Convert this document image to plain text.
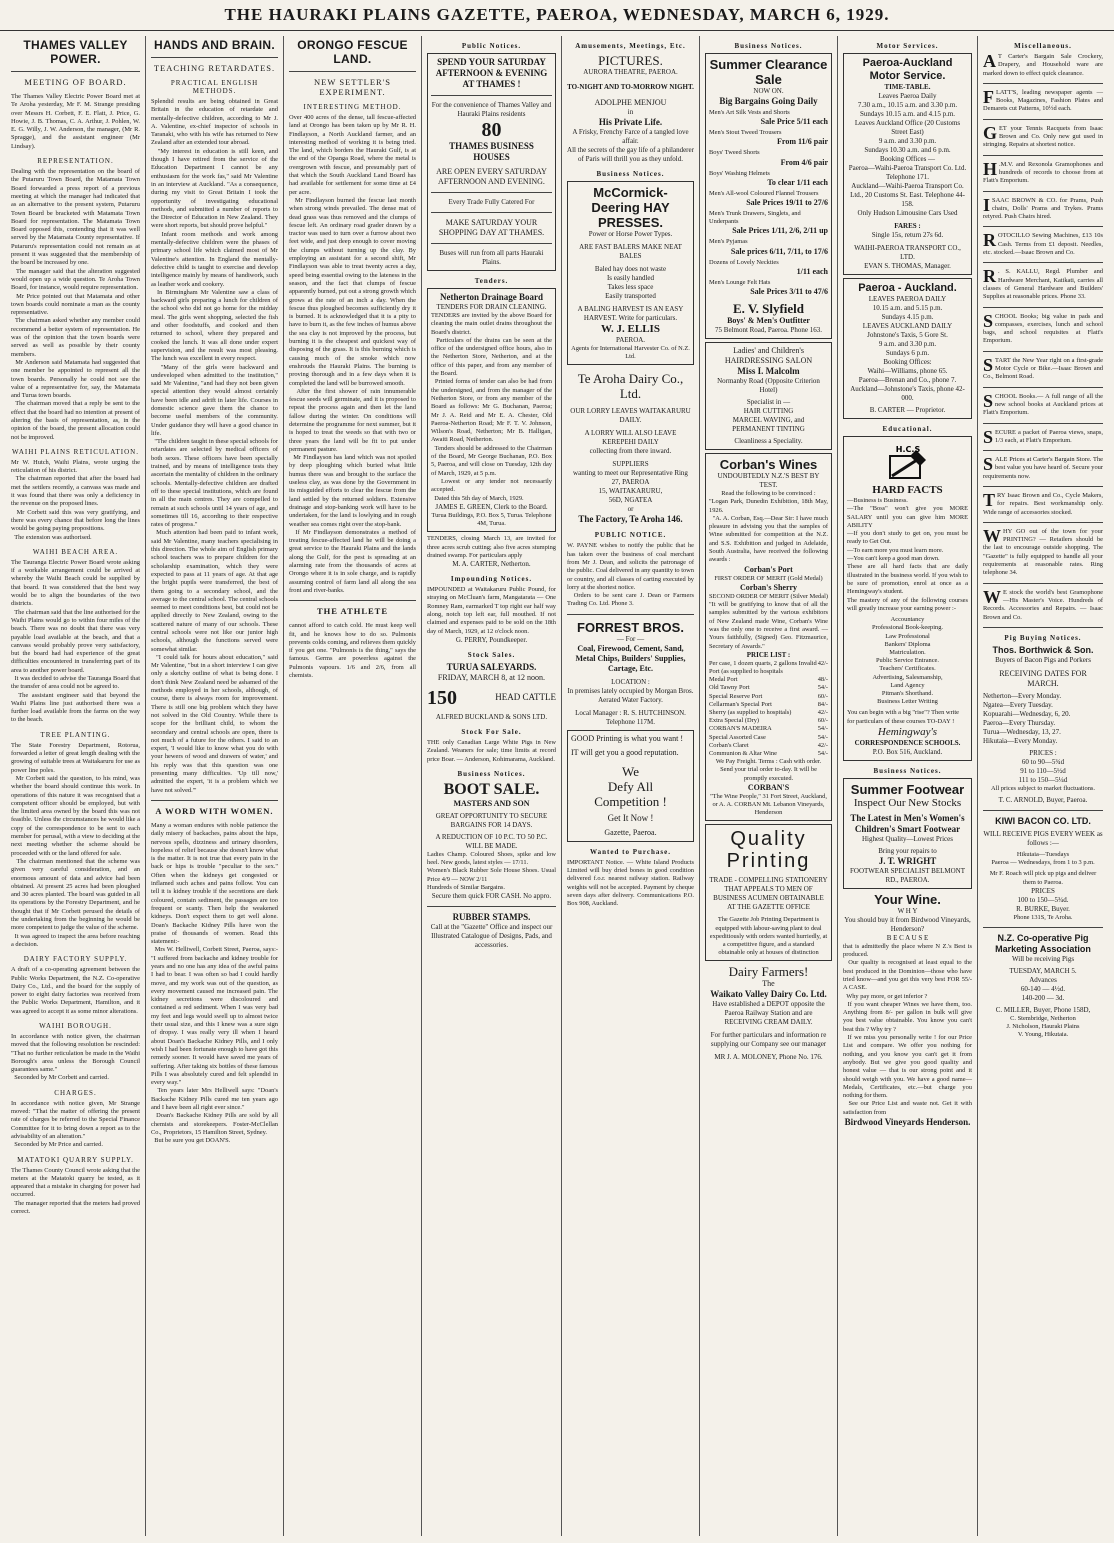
THE HAURAKI PLAINS GAZETTE, PAEROA, WEDNESDAY, MARCH 6, 1929.
THAMES VALLEY POWER.
MEETING OF BOARD.
The Thames Valley Electric Power Board met at Te Aroha yesterday, Mr F. M. Strange presiding over Messrs H. Corbett, F. E. Flatt, J. Price, G. Howie, J. B. Thomas, C. A. Arthur, J. Pohlen, W. E. G. Willy, J. W. Anderson, the manager, (Mr R. Spragge), and the assistant engineer (Mr Lindsay).
REPRESENTATION.
Dealing with the representation on the board of the Putaruru Town Board, the Matamata Town Board forwarded a press report of a previous meeting at which the manager had indicated that as an alternative to the present system, Putaruru Town Board be bracketed with Matamata Town Board for representation. The Matamata Town Board opposed this, contending that it was well served by the Matamata County representative. If Putaruru's representation could not remain as at present it was suggested that the membership of the board be increased by one.
The manager said that the alteration suggested would open up a wide question. Te Aroha Town Board, for instance, would require representation.
Mr Price pointed out that Matamata and other town boards could nominate a man as the county representative.
The chairman asked whether any member could recommend a better system of representation. He was of the opinion that the town boards were served as well as possible by their county members.
Mr Anderson said Matamata had suggested that one member be appointed to represent all the town boards. Personally he could not see the value of a representative for, say, the Matamata and Turua town boards.
The chairman moved that a reply be sent to the effect that the board had no intention at present of altering the basis of representation, as, in the opinion of the board, the present allocation could not be improved.
WAIHI PLAINS RETICULATION.
Mr W. Hutch, Waihi Plains, wrote urging the reticulation of his district.
The chairman reported that after the board had met the settlers recently, a canvass was made and it was found that there was only a deficiency in the revenue on the proposed lines.
Mr Corbett said this was very gratifying, and there was every chance that before long the lines would be going paying propositions.
The extension was authorised.
WAIHI BEACH AREA.
The Tauranga Electric Power Board wrote asking if a workable arrangement could be arrived at whereby the Waihi Beach could be supplied by that board. It was considered that the best way would be to align the boundaries of the two districts.
The chairman said that the line authorised for the Waihi Plains would go to within four miles of the beach. There was no doubt that there was very payable load available at the beach, and that a canvass would probably prove very satisfactory, but the board had had experience of the great difficulties encountered in transferring part of its area to another power board.
It was decided to advise the Tauranga Board that the transfer of area could not be agreed to.
The assistant engineer said that beyond the Waihi Plains line just authorised there was a further load available from the farms on the way to the beach.
TREE PLANTING.
The State Forestry Department, Rotorua, forwarded a letter of great length dealing with the growing of suitable trees at Waitakaruru for use as power line poles.
Mr Corbett said the question, to his mind, was whether the board should continue this work. In operations of this nature it was recognised that a competent officer should be employed, but with the limited area owned by the board this was not feasible. Unless the circumstances he would like a copy of the correspondence to be sent to each member for perusal, with a view to deciding at the next meeting whether the scheme should be proceeded with or the land offered for sale.
The chairman mentioned that the scheme was given very careful consideration, and an enormous amount of data and advice had been obtained. At present 25 acres had been ploughed and 30 acres planted. The board was guided in all its operations by the Forestry Department, and he thought that if Mr Corbett perused the details of the undertaking from the beginning he would be more competent to judge the value of the scheme.
It was agreed to inspect the area before reaching a decision.
DAIRY FACTORY SUPPLY.
A draft of a co-operating agreement between the Public Works Department, the N.Z. Co-operative Dairy Co., Ltd., and the board for the supply of power to eight dairy factories was received from the Public Works Department, Hamilton, and it was agreed to accept it as some minor alterations.
WAIHI BOROUGH.
In accordance with notice given, the chairman moved that the following resolution be rescinded: "That no further reticulation be made in the Waihi Borough's area unless the Borough Council guarantees same."
Seconded by Mr Corbett and carried.
CHARGES.
In accordance with notice given, Mr Strange moved: "That the matter of offering the present rate of charges be referred to the Special Finance Committee for it to bring down a report as to the advisability of an alteration."
Seconded by Mr Price and carried.
MATATOKI QUARRY SUPPLY.
The Thames County Council wrote asking that the meters at the Matatoki quarry be tested, as it appeared that a mistake in charging for power had occurred.
The manager reported that the meters had proved correct.
HANDS AND BRAIN.
TEACHING RETARDATES.
PRACTICAL ENGLISH METHODS.
Splendid results are being obtained in Great Britain in the education of retardate and mentally-defective children, according to Mr J. A. Valentine, ex-chief inspector of schools in Taranaki, who with his wife has returned to New Zealand after an extended tour abroad.
"My interest in education is still keen, and though I have retired from the service of the Education Department I cannot be any enthusiasm for the work fas," said Mr Valentine in an interview at Auckland. "As a consequence, during my visit to Great Britain I took the opportunity of investigating educational methods, and submitted a number of reports to the Director of Education in New Zealand. They were short reports, but should prove helpful."
Infant room methods and work among mentally-defective children were the phases of primary school life which claimed most of Mr Valentine's attention. In England the mentally-defective child is taught to exercise and develop intelligence mainly by means of handiwork, such as leather work and cookery.
In Birmingham Mr Valentine saw a class of backward girls preparing a lunch for children of the school who did not go home for the midday meal. The girls went shopping, selected the fish and other foodstuffs, and cooked and then returned to school, where they prepared and cooked the lunch. It was all done under expert supervision, and the result was most pleasing. The lunch was excellent in every respect.
"Many of the girls were backward and undeveloped when admitted to the institution," said Mr Valentine, "and had they not been given special attention they would almost certainly have been idle and adrift in later life. Courses in domestic science gave them the chance to become useful members of the community. Under guidance they will have a good chance in life.
"The children taught in these special schools for retardates are selected by medical officers of both sexes. These officers have been specially trained, and by means of intelligence tests they ascertain the mentality of children in the ordinary schools. Mentally-defective children are drafted off to these special institutions, which are found in all the main centres. They are compelled to remain at such schools until 14 years of age, and sometimes till 16, according to their respective rates of progress."
Much attention had been paid to infant work, said Mr Valentine, many teachers specialising in this direction. The whole aim of English primary school teachers was to prepare children for the scholarship examination, which they were expected to pass at 11 years of age. At that age the bright pupils were transferred, the best of them going to a secondary school, and the average to the central school. The central schools seemed to meet conditions best, but could not be applied directly to New Zealand, owing to the scattered nature of many of our schools. These central schools were not like our junior high schools, although the functions served were somewhat similar.
"I could talk for hours about education," said Mr Valentine, "but in a short interview I can give only a sketchy outline of what is being done. I don't think New Zealand need be ashamed of the methods employed in her schools, although, of course, there is always room for improvement. There is still one big problem which they have not solved in the Old Country. While there is scope for the brilliant child, to whom the secondary and central schools are open, there is not much of a future for the others. I said to an expert, 'I would like to know what you do with your hewers of wood and drawers of water,' and his reply was that this question was one presenting many difficulties. 'Up till now,' admitted the expert, 'it is a problem which we have not solved.'"
A WORD WITH WOMEN.
Many a woman endures with noble patience the daily misery of backaches, pains about the hips, nervous spells, dizziness and urinary disorders, hopeless of relief because she doesn't know what is the matter. It is not true that every pain in the back or hips is trouble "peculiar to the sex." Often when the kidneys get congested or inflamed such aches and pains follow. You can tell it is kidney trouble if the secretions are dark coloured, contain sediment, the passages are too frequent or scanty. Then help the weakened kidneys. Don't expect them to get well alone. Doan's Backache Kidney Pills have won the praise of thousands of women. Read this statement:-
Mrs W. Helliwell, Corbett Street, Paeroa, says:- "I suffered from backache and kidney trouble for years and no one has any idea of the awful pains I had to bear. I was often so bad I could hardly move, and my work was out of the question, as every movement caused me increased pain. The kidney secretions were discoloured and contained a red sediment. When I was very bad my feet and legs would swell up to almost twice their usual size, and this I knew was a sure sign of dropsy. I was really very ill when I heard about Doan's Backache Kidney Pills, and I only wish I had been fortunate enough to have got this remedy sooner. It would have saved me years of suffering. After taking six bottles of these famous Pills I was absolutely cured and felt splendid in every way."
Ten years later Mrs Helliwell says: "Doan's Backache Kidney Pills cured me ten years ago and I have been all right ever since."
Doan's Backache Kidney Pills are sold by all chemists and storekeepers. Foster-McClellan Co., Proprietors, 15 Hamilton Street, Sydney.
But be sure you get DOAN'S.
ORONGO FESCUE LAND.
NEW SETTLER'S EXPERIMENT.
INTERESTING METHOD.
Over 400 acres of the dense, tall fescue-affected land at Orongo has been taken up by Mr R. H. Findlayson, a North Auckland farmer, and an interesting method of working it is being tried. The land, which borders the Hauraki Gulf, is at the end of the Opanga Road, where the metal is overgrown with fescue, and presumably part of that which the South Auckland Land Board has had available for settlement for some time at £4 per acre.
Mr Findlayson burned the fescue last month when strong winds prevailed. The dense mat of dead grass was thus removed and the clumps of fescue left. An ordinary road grader drawn by a tractor was used to turn over a furrow about two feet wide, and just deep enough to cover moving the clumps without turning up the clay. By employing an assistant for a second shift, Mr Findlayson was able to treat twenty acres a day, speed being essential owing to the lateness in the season, and the fact that clumps of fescue apparently burned, put out a strong growth which grows at the rate of an inch a day. When the fescue thus ploughed becomes sufficiently dry it is burned. It is acknowledged that it is a pity to have to burn it, as the few inches of humus above the sea clay is not improved by the process, but burning it is the cheapest and quickest way of disposing of the grass. It is this burning which is causing much of the smoke which now enshrouds the Hauraki Plains. The burning is proving thorough and in a few days when it is completed the land will be burrowed smooth.
After the first shower of rain innumerable fescue seeds will germinate, and it is proposed to repeat the process again and then let the land fallow during the winter. On conditions will determine the programme for next summer, but it is hoped to treat the weeds so that with two or three years the land will be fit to put under permanent pasture.
Mr Findlayson has land which was not spoiled by deep ploughing which buried what little humus there was and brought to the surface the useless clay, as was done by the Government in its misguided efforts to clear the fescue from the land settled by the returned soldiers. Extensive drainage and stop-banking work will have to be undertaken, for the land is lowlying and in rough weather sea comes right over the stop-bank.
If Mr Findlayson demonstrates a method of treating fescue-affected land he will be doing a great service to the Hauraki Plains and the lands along the Gulf, for the pest is spreading at an alarming rate from the thousands of acres at Orongo where it is in sole charge, and is rapidly assuming control of farm land all along the sea front and river-banks.
THE ATHLETE
cannot afford to catch cold. He must keep well fit, and he knows how to do so. Pulmonis prevents colds coming, and relieves them quickly if you get one. "Pulmonis is the thing," says the famous. Germs are powerless against the Pulmonis vapours. 1/6 and 2/6, from all chemists.
Public Notices.
SPEND YOUR SATURDAY AFTERNOON & EVENING AT THAMES !
For the convenience of Thames Valley and Hauraki Plains residents
80
THAMES BUSINESS HOUSES
ARE OPEN EVERY SATURDAY AFTERNOON AND EVENING.
Every Trade Fully Catered For
MAKE SATURDAY YOUR SHOPPING DAY AT THAMES.
Buses will run from all parts Hauraki Plains.
Tenders.
Netherton Drainage Board
TENDERS FOR DRAIN CLEANING.
TENDERS are invited by the above Board for cleaning the main outlet drains throughout the Board's district.
Particulars of the drains can be seen at the office of the undersigned office hours, also in the Netherton Store, Netherton, and at the office of this paper, and from any member of the Board.
Printed forms of tender can also be had from the undersigned, and from the manager of the Netherton Store, or from any member of the Board as follows: Mr G. Buchanan, Paeroa; Mr J. A. Reid and Mr E. A. Chester, Old Paeroa-Netherton Road; Mr F. T. V. Johnson, Wilson's Road, Netherton; Mr B. Halligan, Awaiti Road, Netherton.
Tenders should be addressed to the Chairman of the Board, Mr George Buchanan, P.O. Box 5, Paeroa, and will close on Tuesday, 12th day of March, 1929, at 5 p.m.
Lowest or any tender not necessarily accepted.
Dated this 5th day of March, 1929.
JAMES E. GREEN, Clerk to the Board.
Turua Buildings, P.O. Box 5, Turua. Telephone 4M, Turua.
TENDERS, closing March 13, are invited for three acres scrub cutting; also five acres stumping drained swamp. For particulars apply
M. A. CARTER, Netherton.
Impounding Notices.
IMPOUNDED at Waitakaruru Public Pound, for straying on McCluan's farm, Mangatarata — One Romney Ram, earmarked T top right ear half way along, notch top left ear, full mouthed. If not claimed and expenses paid to be sold on the 18th day of March, 1929, at 12 o'clock noon.
G. PERRY, Poundkeeper.
Stock Sales.
TURUA SALEYARDS.
FRIDAY, MARCH 8, at 12 noon.
150	HEAD CATTLE
ALFRED BUCKLAND & SONS LTD.
Stock For Sale.
THE only Canadian Large White Pigs in New Zealand. Weaners for sale; time limits at record price Boar. — Anderson, Kohimarama, Auckland.
Business Notices.
BOOT SALE.
MASTERS AND SON
GREAT OPPORTUNITY TO SECURE BARGAINS FOR 14 DAYS.
A REDUCTION OF 10 P.C. TO 50 P.C. WILL BE MADE.
Ladies Champ. Coloured Shoes, spike and low heel. New goods, latest styles — 17/11.
Women's Black Rubber Sole House Shoes. Usual Price 4/9 — NOW 2/11
Hundreds of Similar Bargains.
Secure them quick FOR CASH. No appro.
RUBBER STAMPS.
Call at the "Gazette" Office and inspect our Illustrated Catalogue of Designs, Pads, and accessories.
Amusements, Meetings, Etc.
PICTURES.
AURORA THEATRE, PAEROA.
TO-NIGHT AND TO-MORROW NIGHT.
ADOLPHE MENJOU
in
His Private Life.
A Frisky, Frenchy Farce of a tangled love affair.
All the secrets of the gay life of a philanderer of Paris will thrill you as they unfold.
Business Notices.
McCormick-Deering HAY PRESSES.
Power or Horse Power Types.
ARE FAST BALERS MAKE NEAT BALES
Baled hay does not waste
Is easily handled
Takes less space
Easily transported
A BALING HARVEST IS AN EASY HARVEST. Write for particulars.
W. J. ELLIS
PAEROA.
Agents for International Harvester Co. of N.Z. Ltd.
Te Aroha Dairy Co., Ltd.
OUR LORRY LEAVES WAITAKARURU DAILY.
A LORRY WILL ALSO LEAVE KEREPEHI DAILY
collecting from there inward.
SUPPLIERS
wanting to meet our Representative Ring
27, PAEROA
15, WAITAKARURU,
56D, NGATEA
or
The Factory, Te Aroha 146.
PUBLIC NOTICE.
W. PAYNE wishes to notify the public that he has taken over the business of coal merchant from Mr J. Dean, and solicits the patronage of the public. Coal delivered in any quantity to town or country, and all classes of carting executed by lorry at the shortest notice.
Orders to be sent care J. Dean or Farmers Trading Co. Ltd. Phone 3.
FORREST BROS.
— For —
Coal, Firewood, Cement, Sand, Metal Chips, Builders' Supplies, Cartage, Etc.
LOCATION :
In premises lately occupied by Morgan Bros. Aerated Water Factory.
Local Manager : R. S. HUTCHINSON. Telephone 117M.
GOOD Printing is what you want !
IT will get you a good reputation.
We
Defy All
Competition !
Get It Now !
Gazette, Paeroa.
Wanted to Purchase.
IMPORTANT Notice. — White Island Products Limited will buy dried bones in good condition delivered f.o.r. nearest railway station. Railway weights will not be accepted. Payment by cheque seven days after delivery. Communications P.O. Box 908, Auckland.
Business Notices.
Summer Clearance Sale
NOW ON.
Big Bargains Going Daily
Men's Art Silk Vests and Shorts
Sale Price 5/11 each
Men's Stout Tweed Trousers
From 11/6 pair
Boys' Tweed Shorts
From 4/6 pair
Boys' Washing Helmets
To clear 1/11 each
Men's All-wool Coloured Flannel Trousers
Sale Prices 19/11 to 27/6
Men's Trunk Drawers, Singlets, and Underpants
Sale Prices 1/11, 2/6, 2/11 up
Men's Pyjamas
Sale prices 6/11, 7/11, to 17/6
Dozens of Lovely Neckties
1/11 each
Men's Lounge Felt Hats
Sale Prices 3/11 to 47/6
E. V. Slyfield
Boys' & Men's Outfitter
75 Belmont Road, Paeroa. Phone 163.
Ladies' and Children's HAIRDRESSING SALON
Miss I. Malcolm
Normanby Road (Opposite Criterion Hotel)
Specialist in —
HAIR CUTTING
MARCEL WAVING, and
PERMANENT TINTING
Cleanliness a Speciality.
Corban's Wines
UNDOUBTEDLY N.Z.'S BEST BY TEST.
Read the following to be convinced :
"Logan Park, Dunedin Exhibition, 18th May, 1926.
"A. A. Corban, Esq.—Dear Sir: I have much pleasure in advising you that the samples of Wine submitted for competition at the N.Z. and S.S. Exhibition and judged in Adelaide, South Australia, have received the following awards :
Corban's Port
FIRST ORDER OF MERIT (Gold Medal)
Corban's Sherry
SECOND ORDER OF MERIT (Silver Medal)
"It will be gratifying to know that of all the samples submitted by the various exhibitors of New Zealand made Wine, Corban's Wine was the only one to receive a first award. — Yours faithfully, (Signed) Geo. Fitzmaurice, Secretary of Awards."
PRICE LIST :
Per case, 1 dozen quarts, 2 gallons Invalid Port (as supplied to hospitals
42/-
Medal Port	48/-
Old Tawny Port	54/-
Special Reserve Port	60/-
Cellarman's Special Port	84/-
Sherry (as supplied to hospitals)	42/-
Extra Special (Dry)	60/-
CORBAN'S MADEIRA	54/-
Special Assorted Case	54/-
Corban's Claret	42/-
Communion & Altar Wine	54/-
We Pay Freight. Terms : Cash with order. Send your trial order to-day. It will be promptly executed.
CORBAN'S
"The Wine People," 31 Fort Street, Auckland, or A. A. CORBAN Mt. Lebanon Vineyards, Henderson
Quality Printing
TRADE - COMPELLING STATIONERY THAT APPEALS TO MEN OF BUSINESS ACUMEN OBTAINABLE AT THE GAZETTE OFFICE
The Gazette Job Printing Department is equipped with labour-saving plant to deal expeditiously with orders wanted hurriedly, at a competitive figure, and a standard obtainable only at houses of distinction
Dairy Farmers!
The
Waikato Valley Dairy Co. Ltd.
Have established a DEPOT opposite the Paeroa Railway Station and are RECEIVING CREAM DAILY.
For further particulars and information re supplying our Company see our manager
MR J. A. MOLONEY, Phone No. 176.
Motor Services.
Paeroa-Auckland Motor Service.
TIME-TABLE.
Leaves Paeroa Daily
7.30 a.m., 10.15 a.m. and 3.30 p.m.
Sundays 10.15 a.m. and 4.15 p.m.
Leaves Auckland Office (20 Customs Street East)
9 a.m. and 3.30 p.m.
Sundays 10.30 a.m. and 6 p.m.
Booking Offices —
Paeroa—Waihi-Paeroa Transport Co. Ltd. Telephone 171.
Auckland—Waihi-Paeroa Transport Co. Ltd., 20 Customs St. East. Telephone 44-158.
Only Hudson Limousine Cars Used
FARES :
Single 15s, return 27s 6d.
WAIHI-PAEROA TRANSPORT CO., LTD.
EVAN S. THOMAS, Manager.
Paeroa - Auckland.
LEAVES PAEROA DAILY
10.15 a.m. and 5.15 p.m.
Sundays 4.15 p.m.
LEAVES AUCKLAND DAILY
Johnstone's Taxis, 5 Gore St.
9 a.m. and 3.30 p.m.
Sundays 6 p.m.
Booking Offices:
Waihi—Williams, phone 65.
Paeroa—Brenan and Co., phone 7.
Auckland—Johnstone's Taxis, phone 42-000.
B. CARTER — Proprietor.
Educational.
H.C.S
HARD FACTS
—Business is Business.
—The "Boss" won't give you MORE SALARY until you can give him MORE ABILITY
—If you don't study to get on, you must be ready to Get Out.
—To earn more you must learn more.
—You can't keep a good man down.
These are all hard facts that are daily illustrated in the business world. If you wish to be sure of promotion, enrol at once as a Hemingway's student.
The mastery of any of the following courses will greatly increase your earning power :-
Accountancy
Professional Book-keeping.
Law Professional
Bankers' Diploma
Matriculation.
Public Service Entrance.
Teachers' Certificates.
Advertising, Salesmanship,
Land Agency
Pitman's Shorthand.
Business Letter Writing
You can begin with a big "rise"? Then write for particulars of these courses TO-DAY !
Hemingway's
CORRESPONDENCE SCHOOLS.
P.O. Box 516, Auckland.
Business Notices.
Summer Footwear
Inspect Our New Stocks
The Latest in Men's Women's Children's Smart Footwear
Highest Quality—Lowest Prices
Bring your repairs to
J. T. WRIGHT
FOOTWEAR SPECIALIST BELMONT RD., PAEROA.
Your Wine.
W H Y
You should buy it from Birdwood Vineyards, Henderson?
B E C A U S E
that is admittedly the place where N Z.'s Best is produced.
Our quality is recognised at least equal to the best produced in the Dominion—those who have tried know—and you get this very best FOR 55/- A CASE.
Why pay more, or get inferior ?
If you want cheaper Wines we have them, too. Anything from 8/- per gallon in bulk will give you best value obtainable. You know you can't beat this ? Why try ?
If we miss you personally write ! for our Price List and compare. We offer you nothing for nothing, and you know you can't get it from anybody. But we give you good quality and honest value — that is our strong point and it should weigh with you. We have a good name—Medals, Certificates, etc.—but charge you nothing for them.
See our Price List and waste not. Get it with satisfaction from
Birdwood Vineyards Henderson.
Miscellaneous.
A T Carter's Bargain Sale Crockery, Drapery, and Household ware are marked down to effect quick clearance.
FLATT'S, leading newspaper agents — Books, Magazines, Fashion Plates and Demarets cut Patterns, 10½d each.
GET your Tennis Racquets from Isaac Brown and Co. Only new gut used in stringing. Repairs at shortest notice.
H .M.V. and Rexonola Gramophones and hundreds of records to choose from at Flatt's Emporium.
ISAAC BROWN & CO. for Prams, Push chairs, Dolls' Prams and Trykes. Prams retyred. Push Chairs hired.
ROTOCILLO Sewing Machines, £13 10s Cash. Terms from £1 deposit. Needles, etc. stocked.—Isaac Brown and Co.
R . S. KALLU, Regd. Plumber and Hardware Merchant, Katikati, carries all classes of General Hardware and Builders' Supplies at reasonable prices. Phone 33.
SCHOOL Books; big value in pads and compasses, exercises, lunch and school bags, and school requisites at Flatt's Emporium.
START the New Year right on a first-grade Motor Cycle or Bike.—Isaac Brown and Co., Belmont Road.
SCHOOL Books.— A full range of all the new school books at Auckland prices at Flatt's Emporium.
SECURE a packet of Paeroa views, snaps, 1/3 each, at Flatt's Emporium.
SALE Prices at Carter's Bargain Store. The best value you have heard of. Secure your requirements now.
TRY Isaac Brown and Co., Cycle Makers, for repairs. Best workmanship only. Wide range of accessories stocked.
WHY GO out of the town for your PRINTING? — Retailers should be the last to encourage outside shopping. The "Gazette" is fully equipped to handle all your requirements at reasonable rates. Ring telephone 34.
W E stock the world's best Gramophone—His Master's Voice. Hundreds of Records. Accessories and Repairs. — Isaac Brown and Co.
Pig Buying Notices.
Thos. Borthwick & Son.
Buyers of Bacon Pigs and Porkers
RECEIVING DATES FOR MARCH.
Netherton—Every Monday.
Ngatea—Every Tuesday.
Kopuarahi—Wednesday, 6, 20.
Paeroa—Every Thursday.
Turua—Wednesday, 13, 27.
Hikutaia—Every Monday.
PRICES :
60 to 90—5¾d
91 to 110—5½d
111 to 150—5¼d
All prices subject to market fluctuations.
T. C. ARNOLD, Buyer, Paeroa.
KIWI BACON CO. LTD.
WILL RECEIVE PIGS EVERY WEEK as follows :—
Hikutaia—Tuesdays
Paeroa — Wednesdays, from 1 to 3 p.m.
Mr F. Roach will pick up pigs and deliver them to Paeroa.
PRICES
100 to 150—5¾d.
R. BURKE, Buyer.
Phone 131S, Te Aroha.
N.Z. Co-operative Pig Marketing Association
Will be receiving Pigs
TUESDAY, MARCH 5.
Advances
60-140 — 4½d.
140-200 — 3d.
C. MILLER, Buyer, Phone 158D,
C. Stembridge, Netherton
J. Nicholson, Hauraki Plains
V. Young, Hikutaia.
